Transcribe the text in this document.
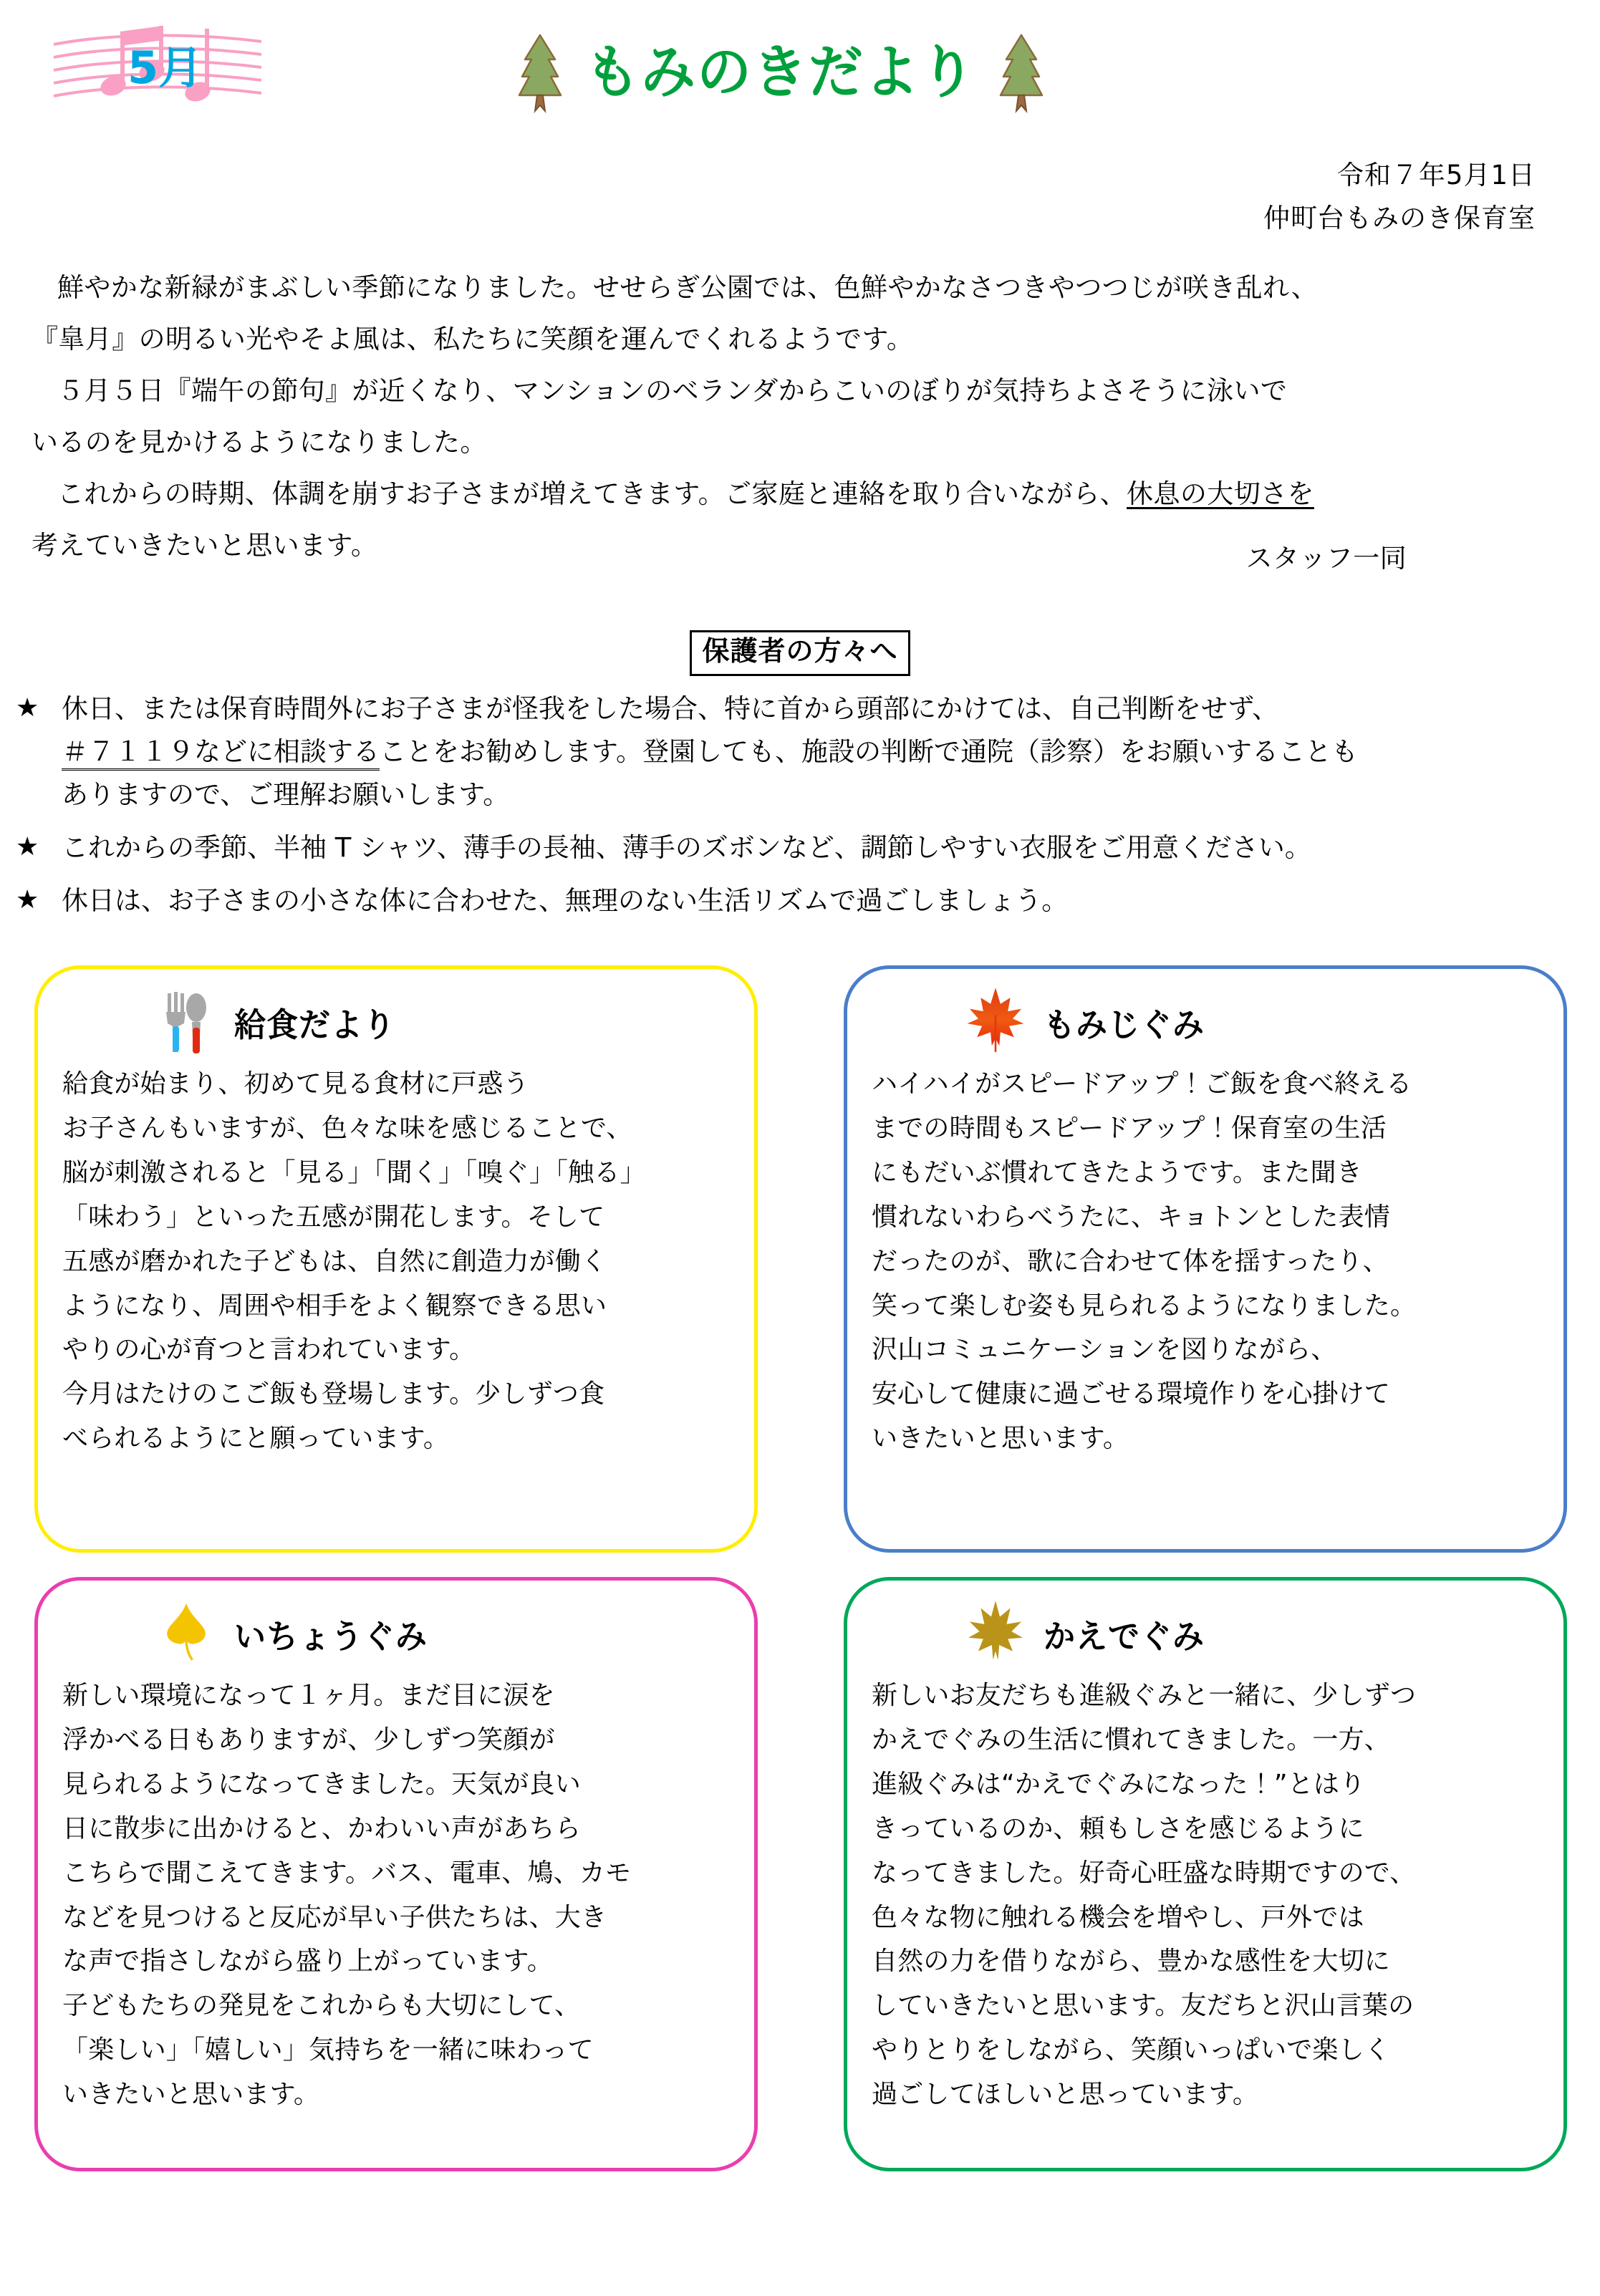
5月	もみのきだより
令和７年5月1日
仲町台もみのき保育室

鮮やかな新緑がまぶしい季節になりました。せせらぎ公園では、色鮮やかなさつきやつつじが咲き乱れ、

『皐月』の明るい光やそよ風は、私たちに笑顔を運んでくれるようです。

５月５日『端午の節句』が近くなり、マンションのベランダからこいのぼりが気持ちよさそうに泳いで

いるのを見かけるようになりました。

これからの時期、体調を崩すお子さまが増えてきます。ご家庭と連絡を取り合いながら、休息の大切さを

考えていきたいと思います。	スタッフ一同
保護者の方々へ
★ 休日、または保育時間外にお子さまが怪我をした場合、特に首から頭部にかけては、自己判断をせず、
＃７１１９などに相談することをお勧めします。登園しても、施設の判断で通院（診察）をお願いすることも
ありますので、ご理解お願いします。
★ これからの季節、半袖 T シャツ、薄手の長袖、薄手のズボンなど、調節しやすい衣服をご用意ください。
★ 休日は、お子さまの小さな体に合わせた、無理のない生活リズムで過ごしましょう。
給食だより

給食が始まり、初めて見る食材に戸惑う

お子さんもいますが、色々な味を感じることで、

脳が刺激されると「見る」「聞く」「嗅ぐ」「触る」

「味わう」といった五感が開花します。そして

五感が磨かれた子どもは、自然に創造力が働く

ようになり、周囲や相手をよく観察できる思い

やりの心が育つと言われています。

今月はたけのこご飯も登場します。少しずつ食

べられるようにと願っています。

もみじぐみ

ハイハイがスピードアップ！ご飯を食べ終える

までの時間もスピードアップ！保育室の生活

にもだいぶ慣れてきたようです。また聞き

慣れないわらべうたに、キョトンとした表情

だったのが、歌に合わせて体を揺すったり、

笑って楽しむ姿も見られるようになりました。

沢山コミュニケーションを図りながら、

安心して健康に過ごせる環境作りを心掛けて

いきたいと思います。

いちょうぐみ

新しい環境になって１ヶ月。まだ目に涙を

浮かべる日もありますが、少しずつ笑顔が

見られるようになってきました。天気が良い

日に散歩に出かけると、かわいい声があちら

こちらで聞こえてきます。バス、電車、鳩、カモ

などを見つけると反応が早い子供たちは、大き

な声で指さしながら盛り上がっています。

子どもたちの発見をこれからも大切にして、

「楽しい」「嬉しい」気持ちを一緒に味わって

いきたいと思います。

かえでぐみ

新しいお友だちも進級ぐみと一緒に、少しずつ

かえでぐみの生活に慣れてきました。一方、

進級ぐみは“かえでぐみになった！”とはり

きっているのか、頼もしさを感じるように

なってきました。好奇心旺盛な時期ですので、

色々な物に触れる機会を増やし、戸外では

自然の力を借りながら、豊かな感性を大切に

していきたいと思います。友だちと沢山言葉の

やりとりをしながら、笑顔いっぱいで楽しく

過ごしてほしいと思っています。
